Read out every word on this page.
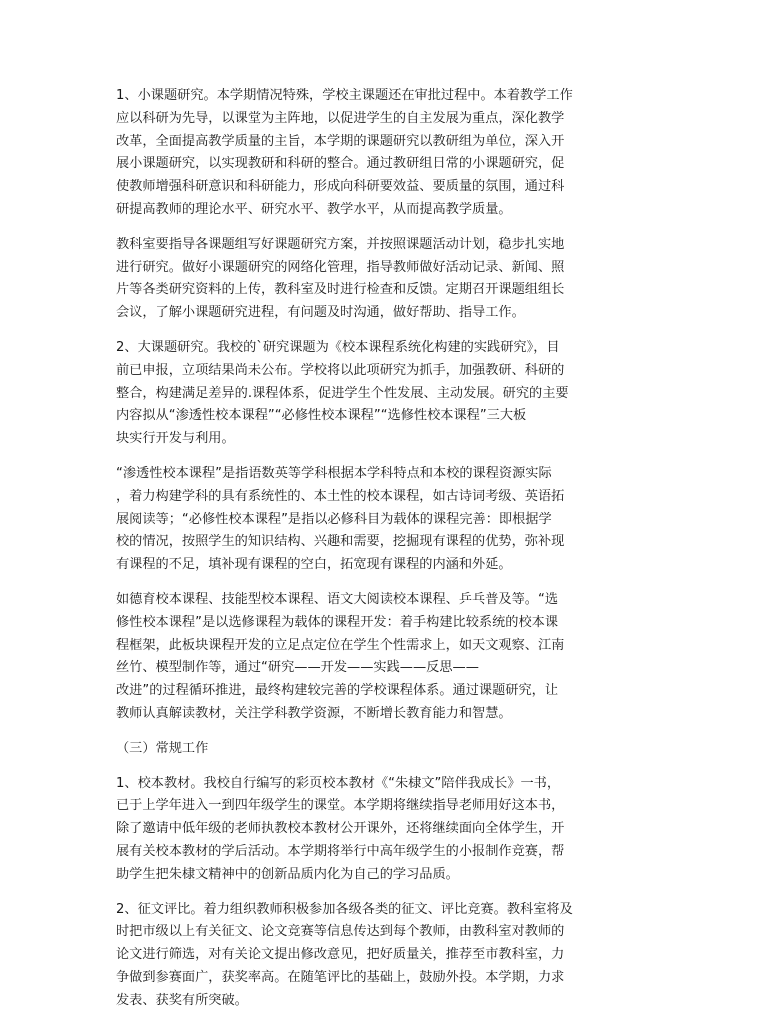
1、小课题研究。本学期情况特殊，学校主课题还在审批过程中。本着教学工作
应以科研为先导，以课堂为主阵地，以促进学生的自主发展为重点，深化教学
改革，全面提高教学质量的主旨，本学期的课题研究以教研组为单位，深入开
展小课题研究，以实现教研和科研的整合。通过教研组日常的小课题研究，促
使教师增强科研意识和科研能力，形成向科研要效益、要质量的氛围，通过科
研提高教师的理论水平、研究水平、教学水平，从而提高教学质量。

教科室要指导各课题组写好课题研究方案，并按照课题活动计划，稳步扎实地
进行研究。做好小课题研究的网络化管理，指导教师做好活动记录、新闻、照
片等各类研究资料的上传，教科室及时进行检查和反馈。定期召开课题组组长
会议，了解小课题研究进程，有问题及时沟通，做好帮助、指导工作。

2、大课题研究。我校的`研究课题为《校本课程系统化构建的实践研究》，目
前已申报，立项结果尚未公布。学校将以此项研究为抓手，加强教研、科研的
整合，构建满足差异的.课程体系，促进学生个性发展、主动发展。研究的主要
内容拟从“渗透性校本课程”“必修性校本课程”“选修性校本课程”三大板
块实行开发与利用。

“渗透性校本课程”是指语数英等学科根据本学科特点和本校的课程资源实际
，着力构建学科的具有系统性的、本土性的校本课程，如古诗词考级、英语拓
展阅读等；“必修性校本课程”是指以必修科目为载体的课程完善：即根据学
校的情况，按照学生的知识结构、兴趣和需要，挖掘现有课程的优势，弥补现
有课程的不足，填补现有课程的空白，拓宽现有课程的内涵和外延。

如德育校本课程、技能型校本课程、语文大阅读校本课程、乒乓普及等。“选
修性校本课程”是以选修课程为载体的课程开发：着手构建比较系统的校本课
程框架，此板块课程开发的立足点定位在学生个性需求上，如天文观察、江南
丝竹、模型制作等，通过“研究——开发——实践——反思——
改进”的过程循环推进，最终构建较完善的学校课程体系。通过课题研究，让
教师认真解读教材，关注学科教学资源，不断增长教育能力和智慧。

（三）常规工作

1、校本教材。我校自行编写的彩页校本教材《“朱棣文”陪伴我成长》一书，
已于上学年进入一到四年级学生的课堂。本学期将继续指导老师用好这本书，
除了邀请中低年级的老师执教校本教材公开课外，还将继续面向全体学生，开
展有关校本教材的学后活动。本学期将举行中高年级学生的小报制作竞赛，帮
助学生把朱棣文精神中的创新品质内化为自己的学习品质。

2、征文评比。着力组织教师积极参加各级各类的征文、评比竞赛。教科室将及
时把市级以上有关征文、论文竞赛等信息传达到每个教师，由教科室对教师的
论文进行筛选，对有关论文提出修改意见，把好质量关，推荐至市教科室，力
争做到参赛面广，获奖率高。在随笔评比的基础上，鼓励外投。本学期，力求
发表、获奖有所突破。
